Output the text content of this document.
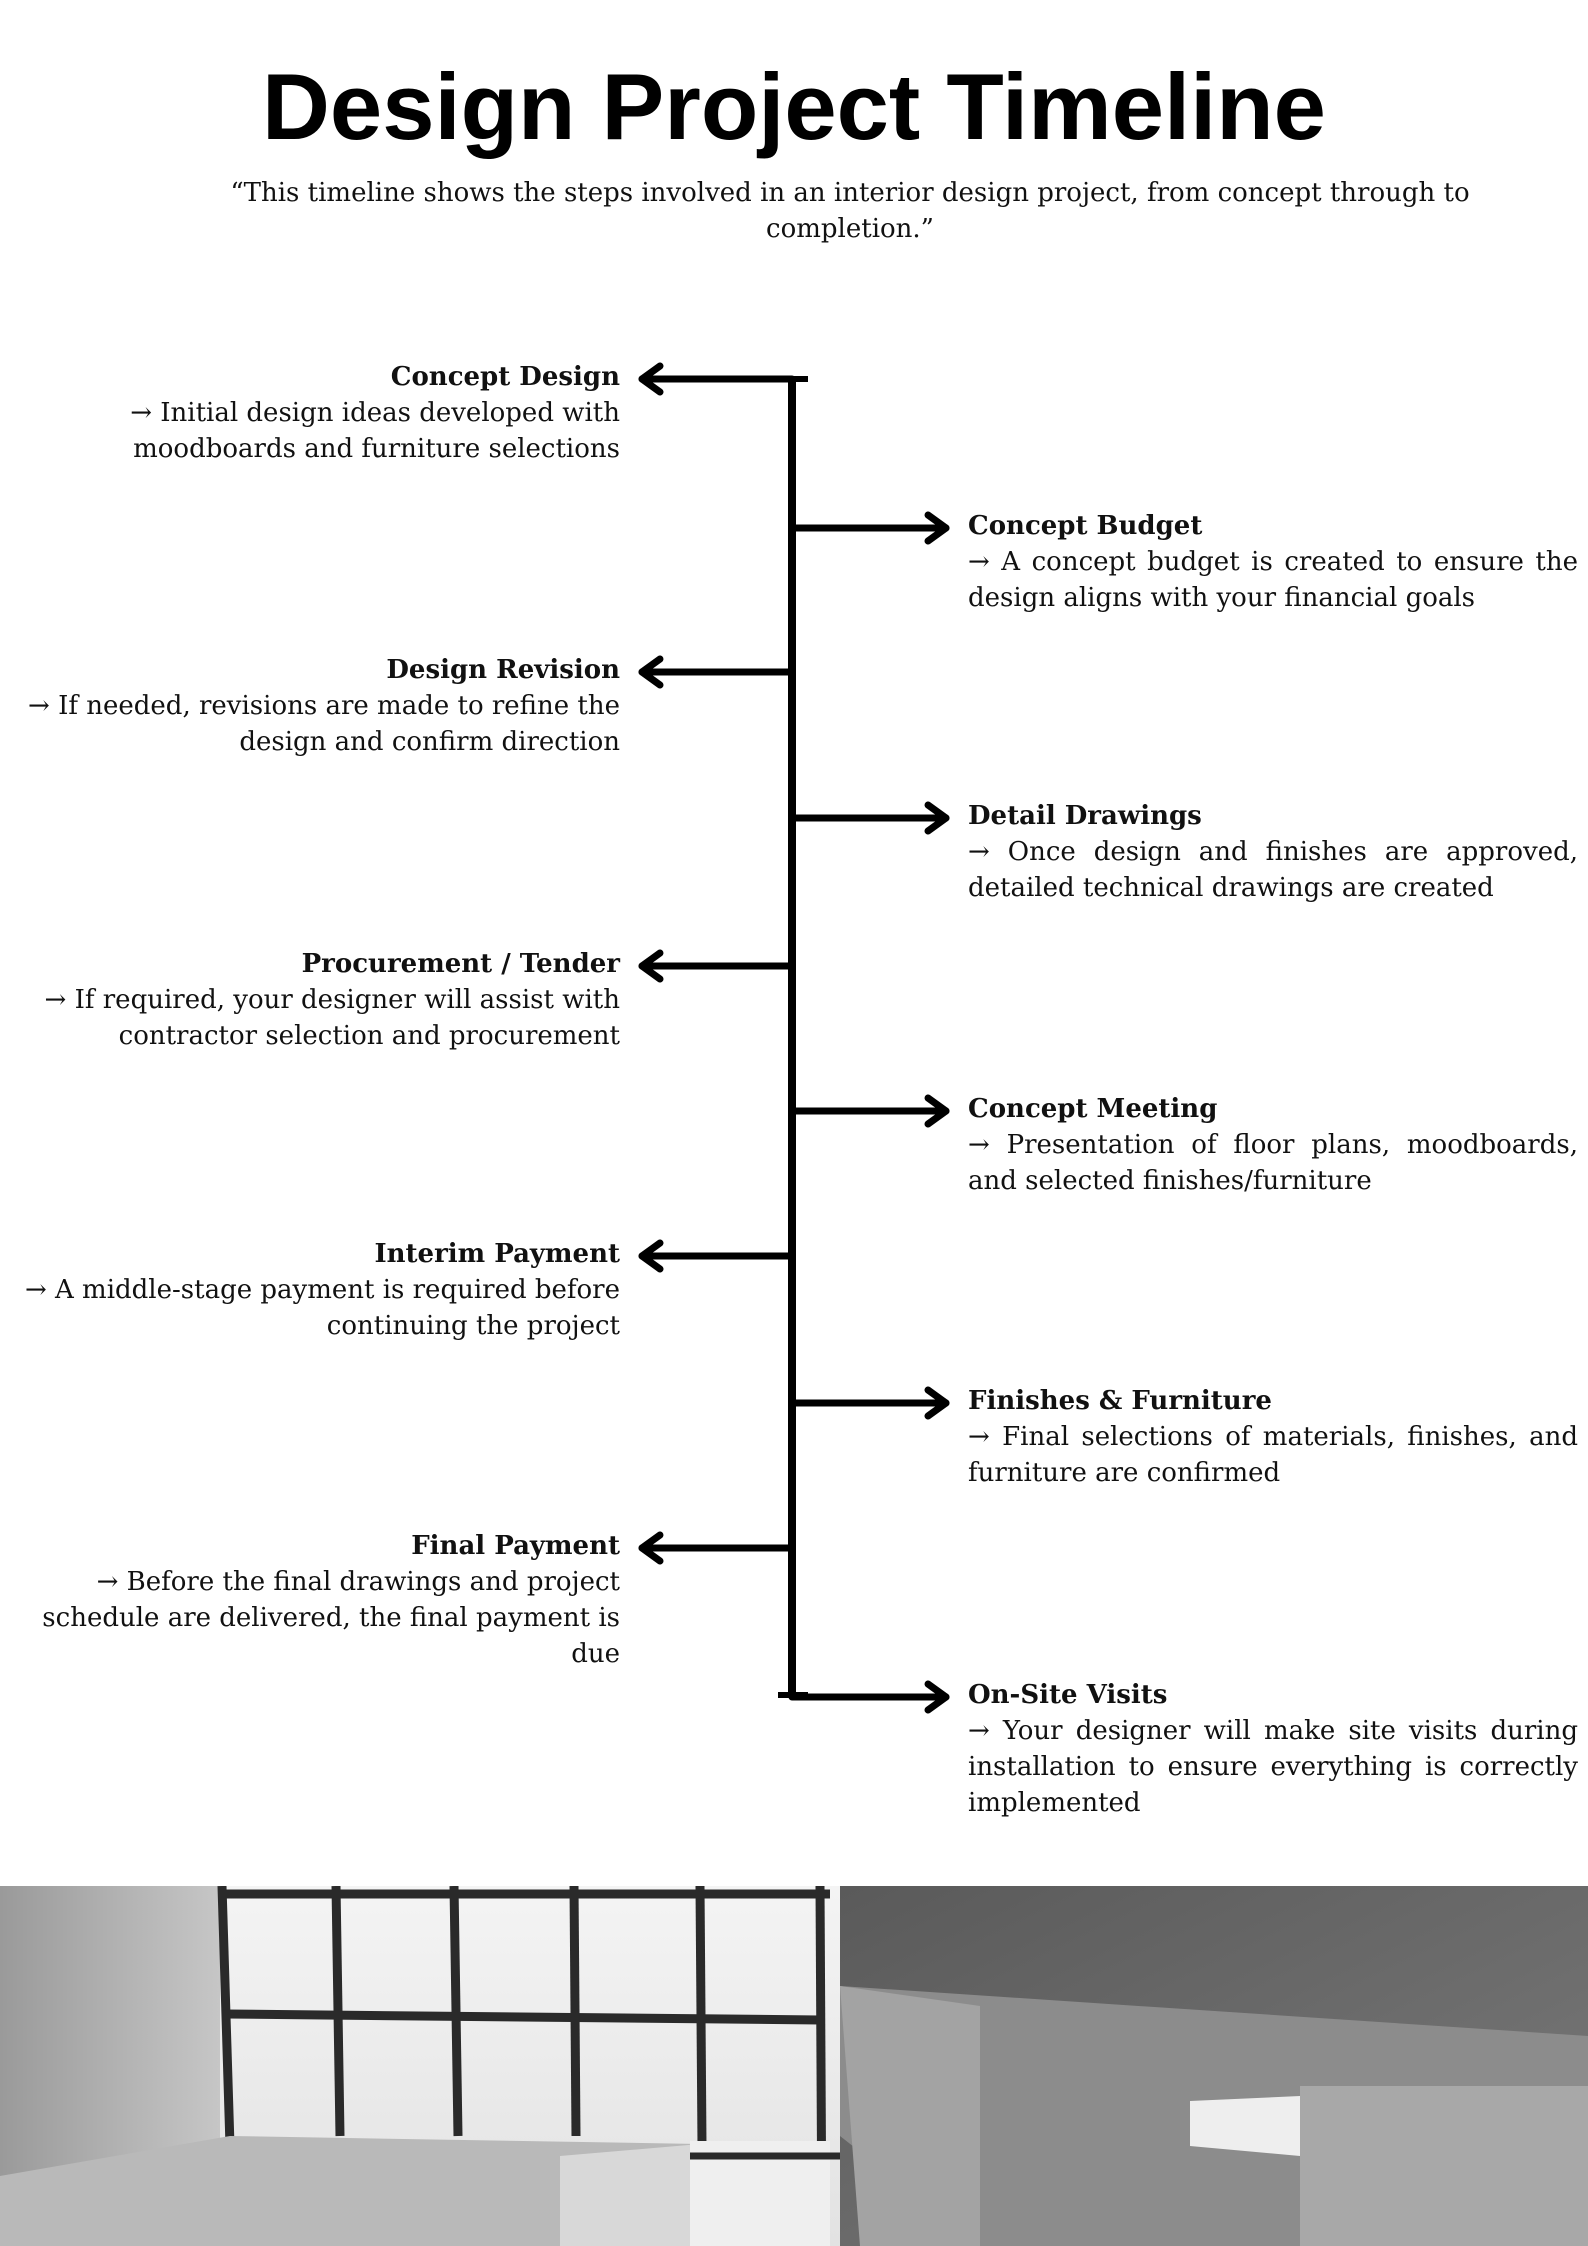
Design Project Timeline
“This timeline shows the steps involved in an interior design project, from concept through to completion.”
Concept Design
→ Initial design ideas developed with moodboards and furniture selections
Concept Budget
→ A concept budget is created to ensure the design aligns with your financial goals
Design Revision
→ If needed, revisions are made to refine the design and confirm direction
Detail Drawings
→ Once design and finishes are approved, detailed technical drawings are created
Procurement / Tender
→ If required, your designer will assist with contractor selection and procurement
Concept Meeting
→ Presentation of floor plans, moodboards, and selected finishes/furniture
Interim Payment
→ A middle-stage payment is required before continuing the project
Finishes & Furniture
→ Final selections of materials, finishes, and furniture are confirmed
Final Payment
→ Before the final drawings and project schedule are delivered, the final payment is due
On-Site Visits
→ Your designer will make site visits during installation to ensure everything is correctly implemented
